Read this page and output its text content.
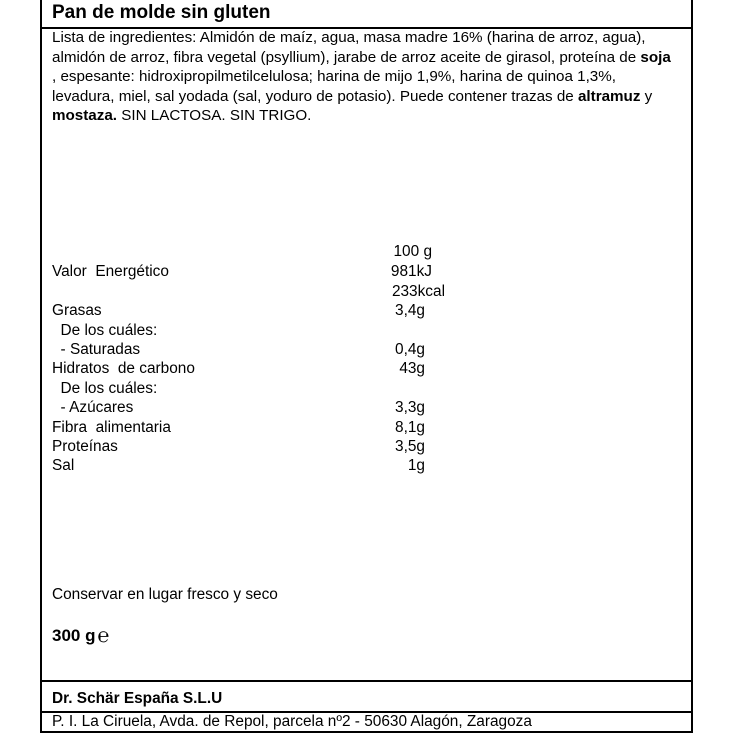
Pan de molde sin gluten
Lista de ingredientes: Almidón de maíz, agua, masa madre 16% (harina de arroz, agua), almidón de arroz, fibra vegetal (psyllium), jarabe de arroz aceite de girasol, proteína de soja , espesante: hidroxipropilmetilcelulosa; harina de mijo 1,9%, harina de quinoa 1,3%, levadura, miel, sal yodada (sal, yoduro de potasio). Puede contener trazas de altramuz y mostaza. SIN LACTOSA. SIN TRIGO.
100 g
Valor  Energético	981kJ
233kcal
Grasas	3,4g
De los cuáles:
- Saturadas	0,4g
Hidratos  de carbono	43g
De los cuáles:
- Azúcares	3,3g
Fibra  alimentaria	8,1g
Proteínas	3,5g
Sal	1g
Conservar en lugar fresco y seco
300 g ℮
Dr. Schär España S.L.U
P. I. La Ciruela, Avda. de Repol, parcela nº2 - 50630 Alagón, Zaragoza
